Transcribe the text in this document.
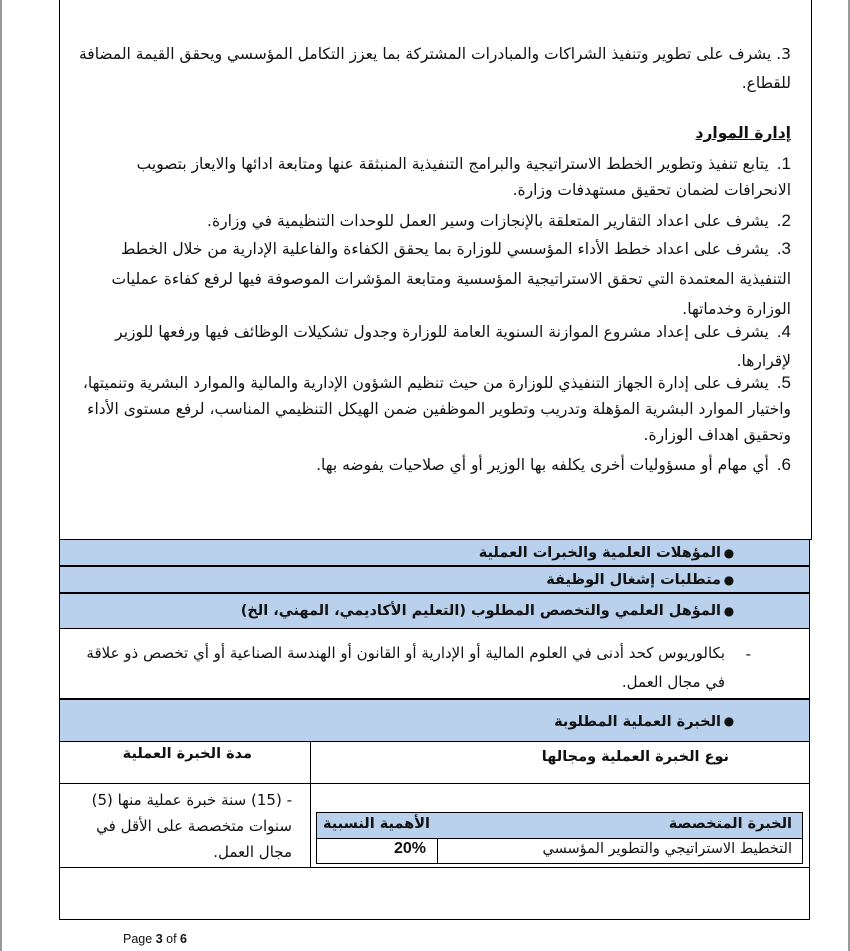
3. يشرف على تطوير وتنفيذ الشراكات والمبادرات المشتركة بما يعزز التكامل المؤسسي ويحقق القيمة المضافة للقطاع.
إدارة الموارد
1.يتابع تنفيذ وتطوير الخطط الاستراتيجية والبرامج التنفيذية المنبثقة عنها ومتابعة ادائها والايعاز بتصويب الانحرافات لضمان تحقيق مستهدفات وزارة.
2.يشرف على اعداد التقارير المتعلقة بالإنجازات وسير العمل للوحدات التنظيمية في وزارة.
3.يشرف على اعداد خطط الأداء المؤسسي للوزارة بما يحقق الكفاءة والفاعلية الإدارية من خلال الخطط التنفيذية المعتمدة التي تحقق الاستراتيجية المؤسسية ومتابعة المؤشرات الموصوفة فيها لرفع كفاءة عمليات الوزارة وخدماتها.
4.يشرف على إعداد مشروع الموازنة السنوية العامة للوزارة وجدول تشكيلات الوظائف فيها ورفعها للوزير لإقرارها.
5.يشرف على إدارة الجهاز التنفيذي للوزارة من حيث تنظيم الشؤون الإدارية والمالية والموارد البشرية وتنميتها، واختيار الموارد البشرية المؤهلة وتدريب وتطوير الموظفين ضمن الهيكل التنظيمي المناسب، لرفع مستوى الأداء وتحقيق اهداف الوزارة.
6.أي مهام أو مسؤوليات أخرى يكلفه بها الوزير أو أي صلاحيات يفوضه بها.
●
المؤهلات العلمية والخبرات العملية
●
متطلبات إشغال الوظيفة
●
المؤهل العلمي والتخصص المطلوب (التعليم الأكاديمي، المهني، الخ)
-
بكالوريوس كحد أدنى في العلوم المالية أو الإدارية أو القانون أو الهندسة الصناعية أو أي تخصص ذو علاقة في مجال العمل.
●
الخبرة العملية المطلوبة
نوع الخبرة العملية ومجالها
مدة الخبرة العملية
الخبرة المتخصصة
الأهمية النسبية
التخطيط الاستراتيجي والتطوير المؤسسي
20%
- (15) سنة خبرة عملية منها (5) سنوات متخصصة على الأقل في مجال العمل.
Page 3 of 6
